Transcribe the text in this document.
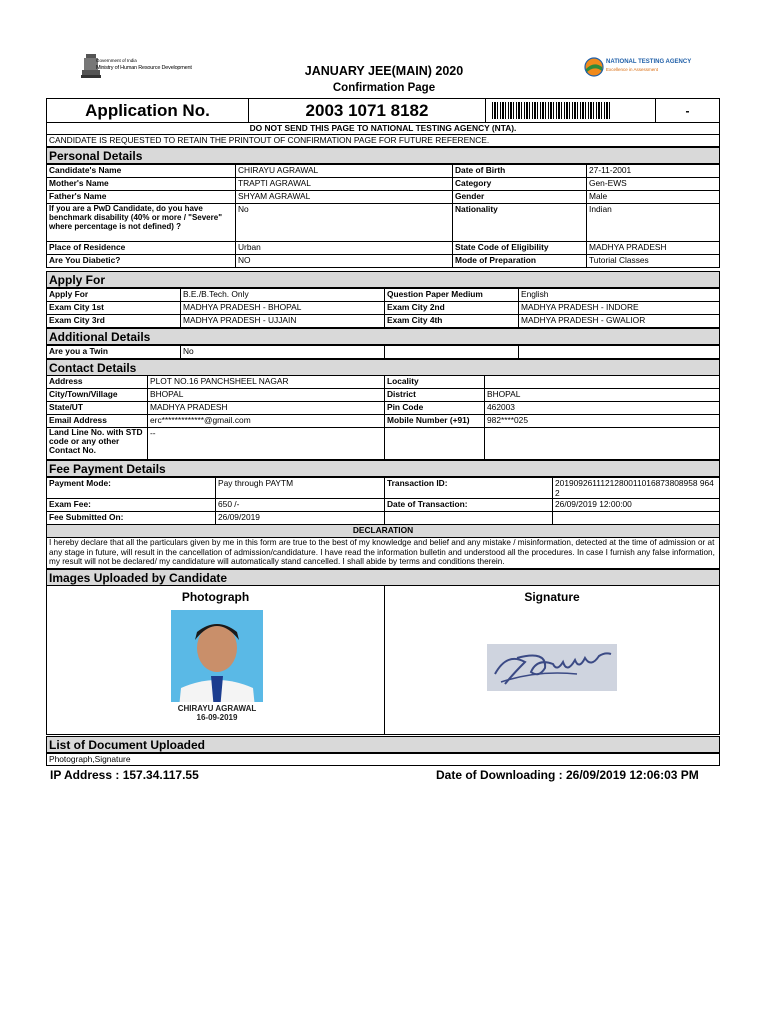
Government of India
Ministry of Human Resource Development
NATIONAL TESTING AGENCY
Excellence in Assessment
JANUARY JEE(MAIN) 2020
Confirmation Page
Application No.	2003 1071 8182		-
DO NOT SEND THIS PAGE TO NATIONAL TESTING AGENCY (NTA).
CANDIDATE IS REQUESTED TO RETAIN THE PRINTOUT OF CONFIRMATION PAGE FOR FUTURE REFERENCE.
Personal Details
Candidate's Name	CHIRAYU AGRAWAL	Date of Birth	27-11-2001
Mother's Name	TRAPTI AGRAWAL	Category	Gen-EWS
Father's Name	SHYAM AGRAWAL	Gender	Male
If you are a PwD Candidate, do you have benchmark disability (40% or more / "Severe" where percentage is not defined) ?	No	Nationality	Indian
Place of Residence	Urban	State Code of Eligibility	MADHYA PRADESH
Are You Diabetic?	NO	Mode of Preparation	Tutorial Classes
Apply For
Apply For	B.E./B.Tech. Only	Question Paper Medium	English
Exam City 1st	MADHYA PRADESH - BHOPAL	Exam City 2nd	MADHYA PRADESH - INDORE
Exam City 3rd	MADHYA PRADESH - UJJAIN	Exam City 4th	MADHYA PRADESH - GWALIOR
Additional Details
Are you a Twin	No		
Contact Details
Address	PLOT NO.16 PANCHSHEEL NAGAR	Locality	
City/Town/Village	BHOPAL	District	BHOPAL
State/UT	MADHYA PRADESH	Pin Code	462003
Email Address	erc*************@gmail.com	Mobile Number (+91)	982****025
Land Line No. with STD code or any other Contact No.	--		
Fee Payment Details
Payment Mode:	Pay through PAYTM	Transaction ID:	2019092611121280011016873808958 9642
Exam Fee:	650 /-	Date of Transaction:	26/09/2019 12:00:00
Fee Submitted On:	26/09/2019		
DECLARATION
I hereby declare that all the particulars given by me in this form are true to the best of my knowledge and belief and any mistake / misinformation, detected at the time of admission or at any stage in future, will result in the cancellation of admission/candidature. I have read the information bulletin and understood all the procedures. In case I furnish any false information, my result will not be declared/ my candidature will automatically stand cancelled. I shall abide by terms and conditions therein.
Images Uploaded by Candidate
Photograph
CHIRAYU AGRAWAL
16-09-2019

Signature
List of Document Uploaded
Photograph,Signature
IP Address : 157.34.117.55	Date of Downloading : 26/09/2019 12:06:03 PM
